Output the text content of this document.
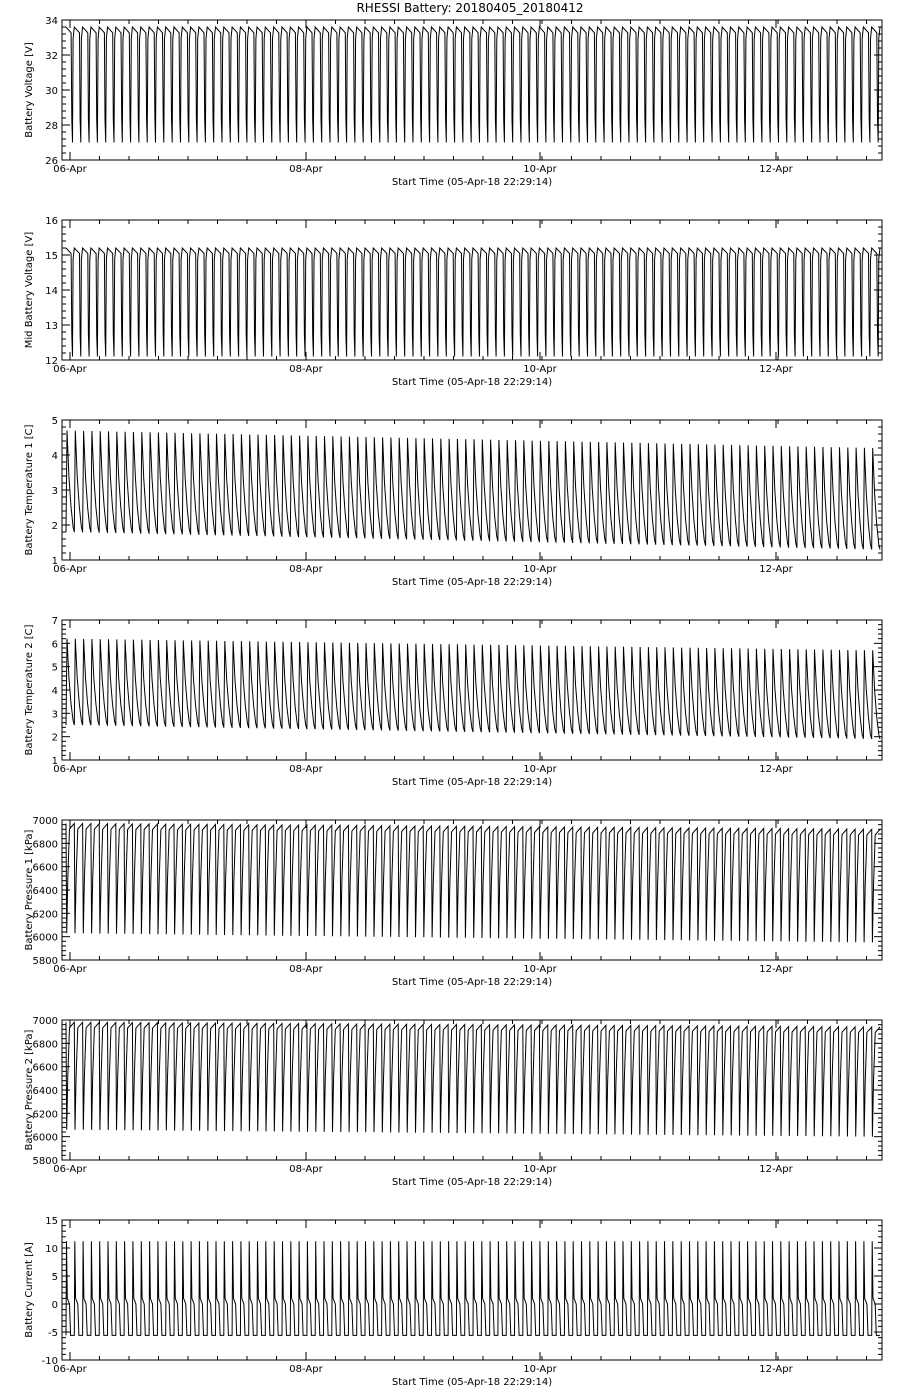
RHESSI Battery: 20180405_20180412
26
28
30
32
34
06-Apr	08-Apr	10-Apr	12-Apr
Start Time (05-Apr-18 22:29:14)
Battery Voltage [V]
12
13
14
15
16
06-Apr	08-Apr	10-Apr	12-Apr
Start Time (05-Apr-18 22:29:14)
Mid Battery Voltage [V]
1
2
3
4
5
06-Apr	08-Apr	10-Apr	12-Apr
Start Time (05-Apr-18 22:29:14)
Battery Temperature 1 [C]
1
2
3
4
5
6
7
06-Apr	08-Apr	10-Apr	12-Apr
Start Time (05-Apr-18 22:29:14)
Battery Temperature 2 [C]
5800
6000
6200
6400
6600
6800
7000
06-Apr	08-Apr	10-Apr	12-Apr
Start Time (05-Apr-18 22:29:14)
Battery Pressure 1 [kPa]
5800
6000
6200
6400
6600
6800
7000
06-Apr	08-Apr	10-Apr	12-Apr
Start Time (05-Apr-18 22:29:14)
Battery Pressure 2 [kPa]
-10
-5
0
5
10
15
06-Apr	08-Apr	10-Apr	12-Apr
Start Time (05-Apr-18 22:29:14)
Battery Current [A]
